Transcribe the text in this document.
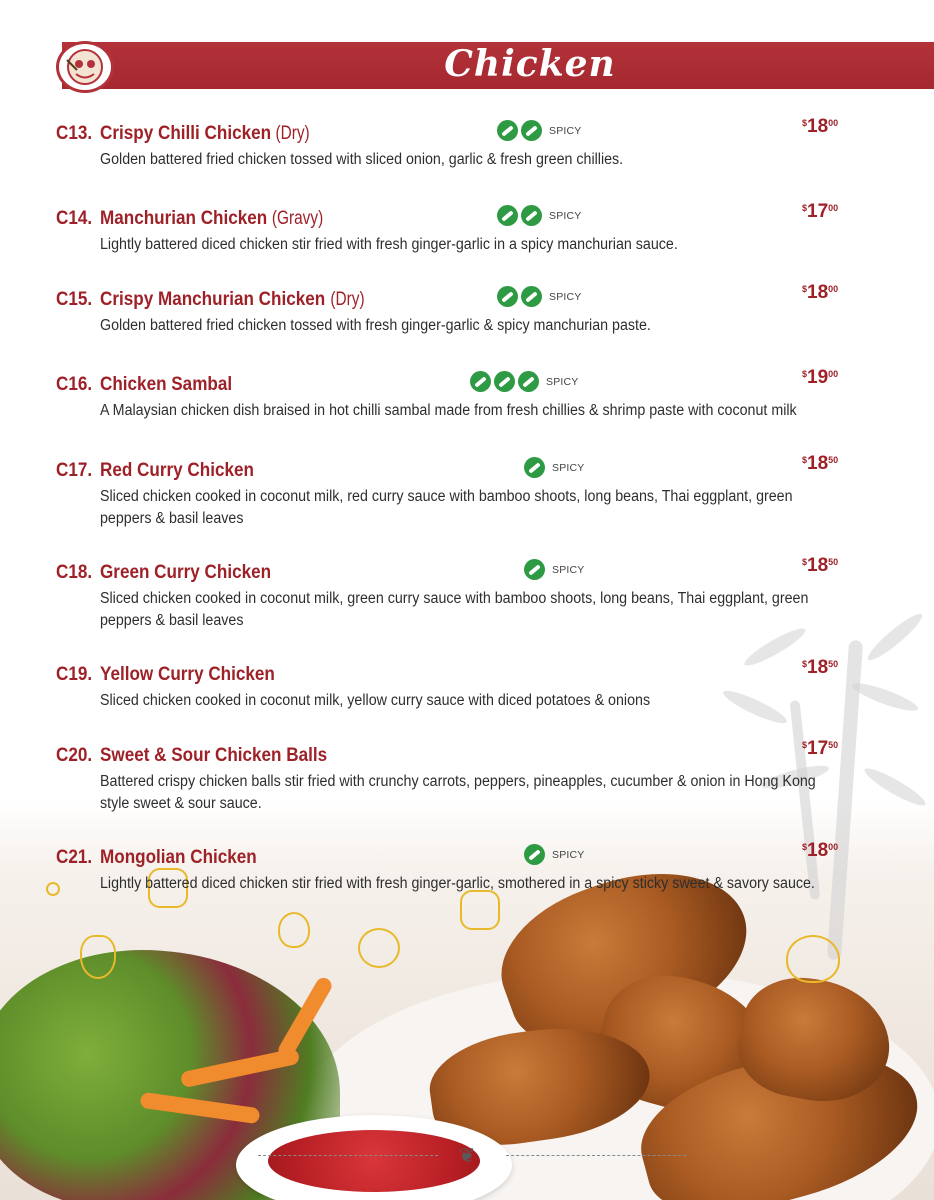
Chicken
❦
C13. Crispy Chilli Chicken (Dry)	SPICY
$^{\$}18^{00}$
Golden battered fried chicken tossed with sliced onion, garlic & fresh green chillies.
C14. Manchurian Chicken (Gravy)	SPICY
$^{\$}17^{00}$
Lightly battered diced chicken stir fried with fresh ginger-garlic in a spicy manchurian sauce.
C15. Crispy Manchurian Chicken (Dry)	SPICY
$^{\$}18^{00}$
Golden battered fried chicken tossed with fresh ginger-garlic & spicy manchurian paste.
C16. Chicken Sambal	SPICY
$^{\$}19^{00}$
A Malaysian chicken dish braised in hot chilli sambal made from fresh chillies & shrimp paste with coconut milk
C17. Red Curry Chicken	SPICY
$^{\$}18^{50}$
Sliced chicken cooked in coconut milk, red curry sauce with bamboo shoots, long beans, Thai eggplant, green peppers & basil leaves
C18. Green Curry Chicken	SPICY
$^{\$}18^{50}$
Sliced chicken cooked in coconut milk, green curry sauce with bamboo shoots, long beans, Thai eggplant, green peppers & basil leaves
C19. Yellow Curry Chicken	$^{\$}18^{50}$
Sliced chicken cooked in coconut milk, yellow curry sauce with diced potatoes & onions
C20. Sweet & Sour Chicken Balls	$^{\$}17^{50}$
Battered crispy chicken balls stir fried with crunchy carrots, peppers, pineapples, cucumber & onion in Hong Kong style sweet & sour sauce.
C21. Mongolian Chicken	SPICY
$^{\$}18^{00}$
Lightly battered diced chicken stir fried with fresh ginger-garlic, smothered in a spicy sticky sweet & savory sauce.
